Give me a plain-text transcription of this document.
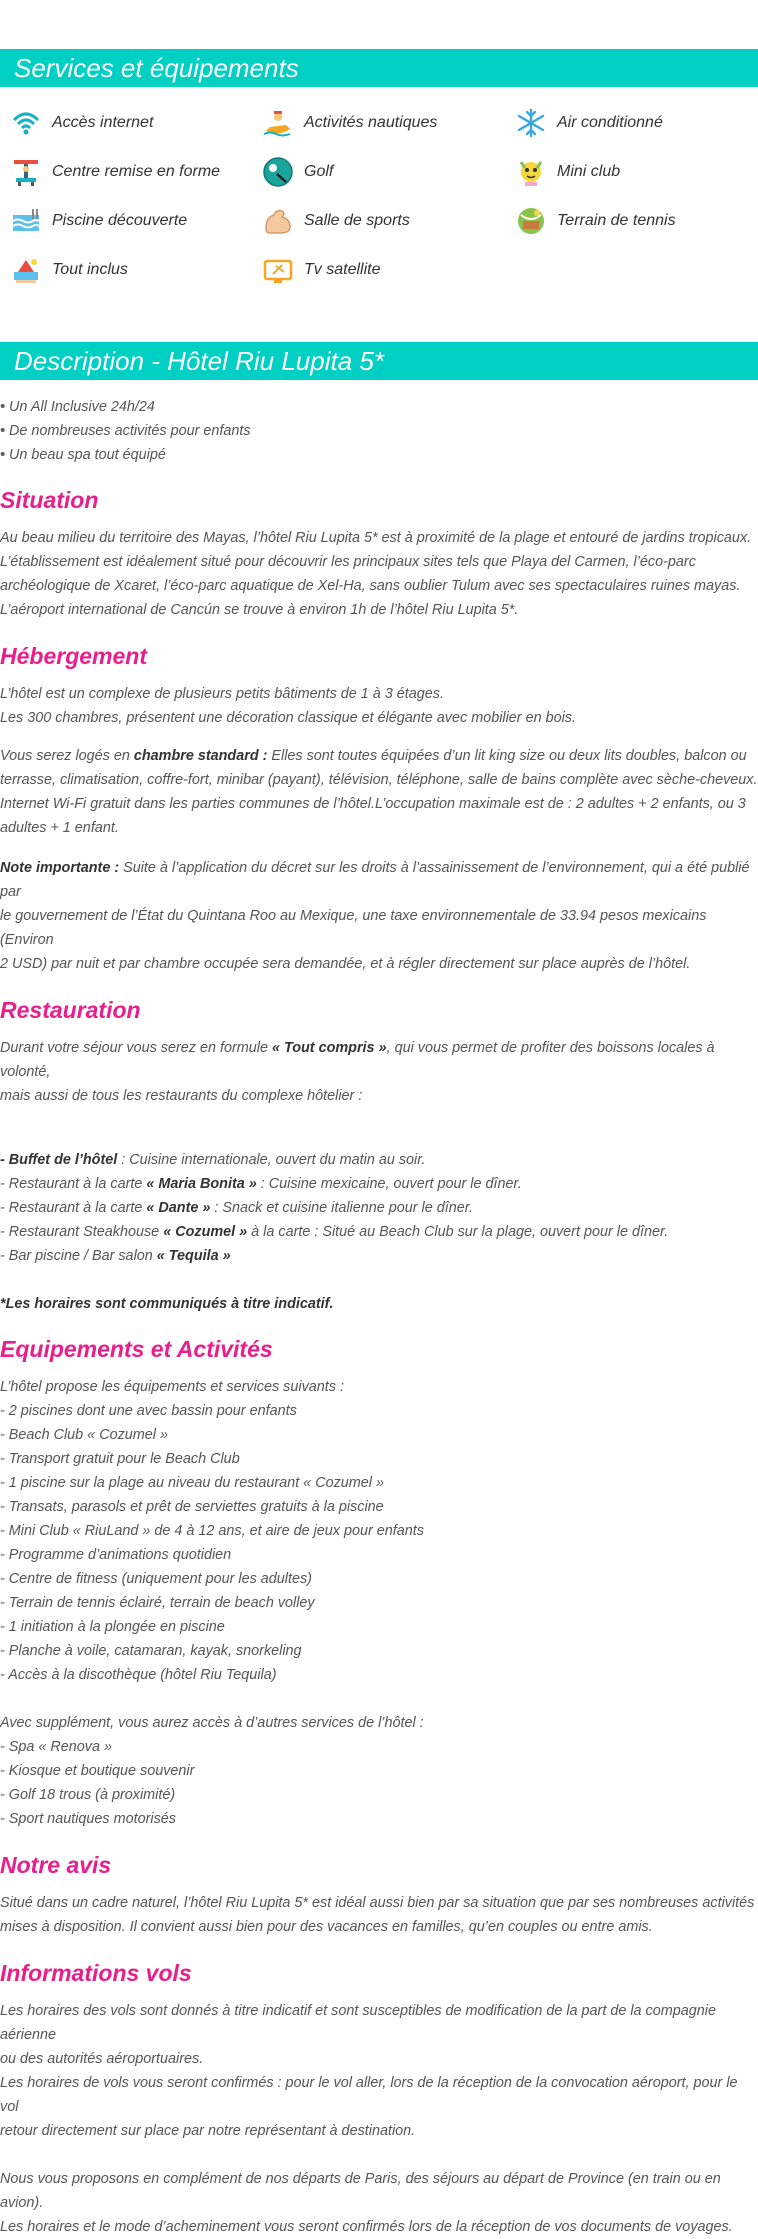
Services et équipements
Accès internet	Activités nautiques	Air conditionné
Centre remise en forme	Golf	Mini club
Piscine découverte	Salle de sports	Terrain de tennis
Tout inclus	Tv satellite
Description - Hôtel Riu Lupita 5*

• Un All Inclusive 24h/24

• De nombreuses activités pour enfants

• Un beau spa tout équipé

Situation

Au beau milieu du territoire des Mayas, l’hôtel Riu Lupita 5* est à proximité de la plage et entouré de jardins tropicaux.
L’établissement est idéalement situé pour découvrir les principaux sites tels que Playa del Carmen, l’éco-parc
archéologique de Xcaret, l’éco-parc aquatique de Xel-Ha, sans oublier Tulum avec ses spectaculaires ruines mayas.
L’aéroport international de Cancún se trouve à environ 1h de l’hôtel Riu Lupita 5*.

Hébergement

L’hôtel est un complexe de plusieurs petits bâtiments de 1 à 3 étages.
Les 300 chambres, présentent une décoration classique et élégante avec mobilier en bois.

Vous serez logés en chambre standard : Elles sont toutes équipées d’un lit king size ou deux lits doubles, balcon ou
terrasse, climatisation, coffre-fort, minibar (payant), télévision, téléphone, salle de bains complète avec sèche-cheveux.
Internet Wi-Fi gratuit dans les parties communes de l’hôtel.L’occupation maximale est de : 2 adultes + 2 enfants, ou 3
adultes + 1 enfant.

Note importante : Suite à l’application du décret sur les droits à l’assainissement de l’environnement, qui a été publié par
le gouvernement de l’État du Quintana Roo au Mexique, une taxe environnementale de 33.94 pesos mexicains (Environ
2 USD) par nuit et par chambre occupée sera demandée, et à régler directement sur place auprès de l’hôtel.

Restauration

Durant votre séjour vous serez en formule « Tout compris », qui vous permet de profiter des boissons locales à volonté,
mais aussi de tous les restaurants du complexe hôtelier :

- Buffet de l’hôtel : Cuisine internationale, ouvert du matin au soir.
- Restaurant à la carte « Maria Bonita » : Cuisine mexicaine, ouvert pour le dîner.
- Restaurant à la carte « Dante » : Snack et cuisine italienne pour le dîner.
- Restaurant Steakhouse « Cozumel » à la carte : Situé au Beach Club sur la plage, ouvert pour le dîner.
- Bar piscine / Bar salon « Tequila »

*Les horaires sont communiqués à titre indicatif.

Equipements et Activités

L’hôtel propose les équipements et services suivants :
- 2 piscines dont une avec bassin pour enfants
- Beach Club « Cozumel »
- Transport gratuit pour le Beach Club
- 1 piscine sur la plage au niveau du restaurant « Cozumel »
- Transats, parasols et prêt de serviettes gratuits à la piscine
- Mini Club « RiuLand » de 4 à 12 ans, et aire de jeux pour enfants
- Programme d’animations quotidien
- Centre de fitness (uniquement pour les adultes)
- Terrain de tennis éclairé, terrain de beach volley
- 1 initiation à la plongée en piscine
- Planche à voile, catamaran, kayak, snorkeling
- Accès à la discothèque (hôtel Riu Tequila)

Avec supplément, vous aurez accès à d’autres services de l’hôtel :
- Spa « Renova »
- Kiosque et boutique souvenir
- Golf 18 trous (à proximité)
- Sport nautiques motorisés

Notre avis

Situé dans un cadre naturel, l’hôtel Riu Lupita 5* est idéal aussi bien par sa situation que par ses nombreuses activités
mises à disposition. Il convient aussi bien pour des vacances en familles, qu’en couples ou entre amis.

Informations vols

Les horaires des vols sont donnés à titre indicatif et sont susceptibles de modification de la part de la compagnie aérienne
ou des autorités aéroportuaires.
Les horaires de vols vous seront confirmés : pour le vol aller, lors de la réception de la convocation aéroport, pour le vol
retour directement sur place par notre représentant à destination.

Nous vous proposons en complément de nos départs de Paris, des séjours au départ de Province (en train ou en avion).
Les horaires et le mode d’acheminement vous seront confirmés lors de la réception de vos documents de voyages.
